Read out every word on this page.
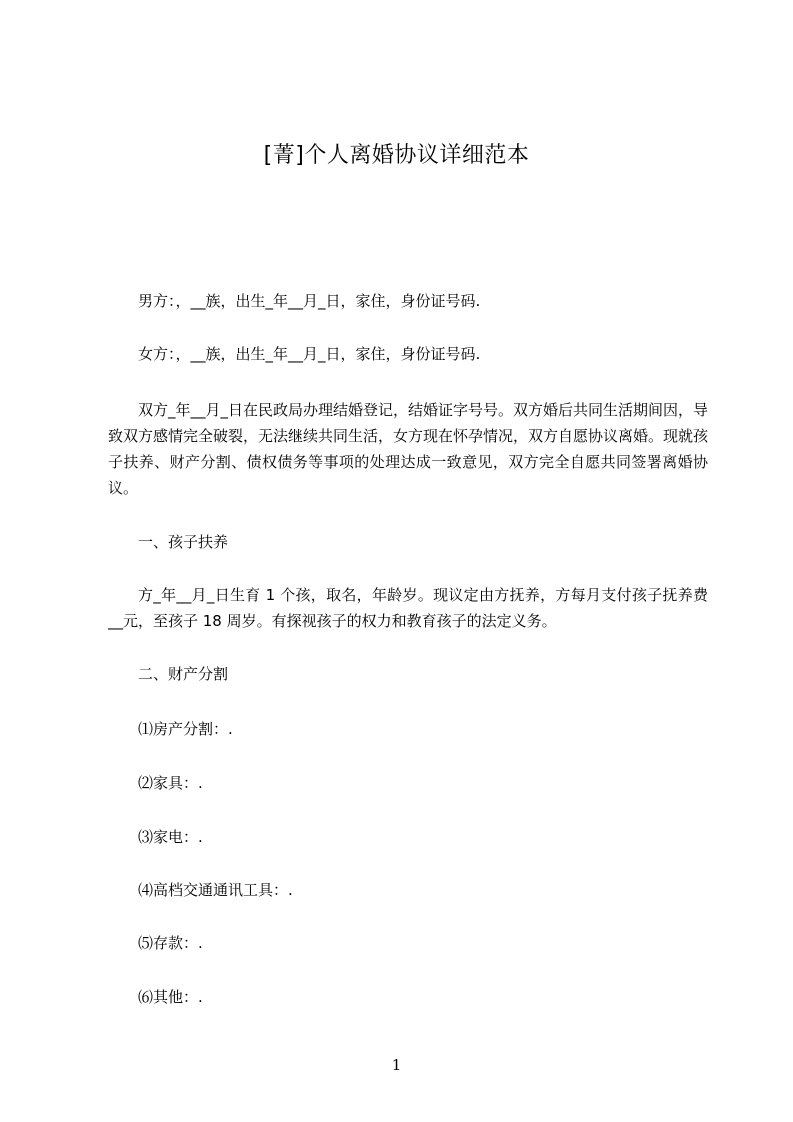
[菁]个人离婚协议详细范本

男方：，__族，出生_年__月_日，家住，身份证号码.

女方：，__族，出生_年__月_日，家住，身份证号码.

双方_年__月_日在民政局办理结婚登记，结婚证字号号。双方婚后共同生活期间因，导致双方感情完全破裂，无法继续共同生活，女方现在怀孕情况，双方自愿协议离婚。现就孩子扶养、财产分割、债权债务等事项的处理达成一致意见，双方完全自愿共同签署离婚协议。

一、孩子扶养

方_年__月_日生育 1 个孩，取名，年龄岁。现议定由方抚养，方每月支付孩子抚养费__元，至孩子 18 周岁。有探视孩子的权力和教育孩子的法定义务。

二、财产分割

⑴房产分割：.

⑵家具：.

⑶家电：.

⑷高档交通通讯工具：.

⑸存款：.

⑹其他：.

1
